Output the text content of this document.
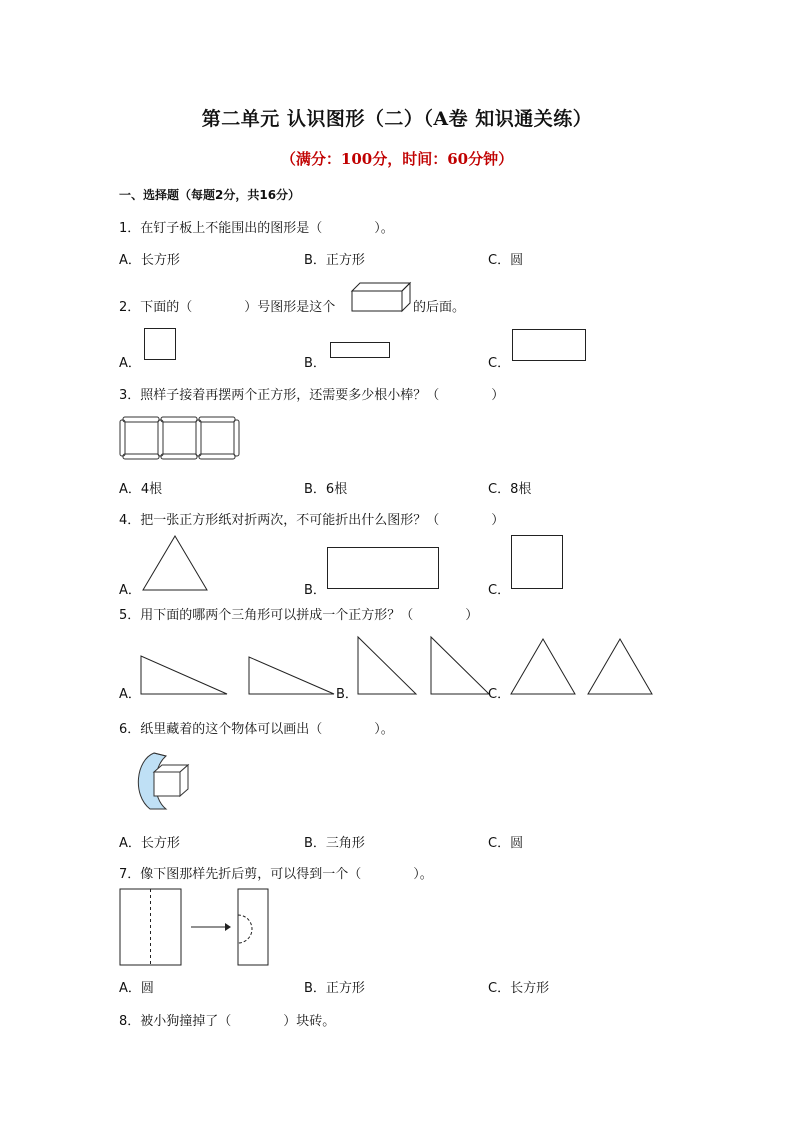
第二单元 认识图形（二）（A卷 知识通关练）
（满分：100分，时间：60分钟）
一、选择题（每题2分，共16分）
1．在钉子板上不能围出的图形是（　　　　）。
A．长方形	B．正方形	C．圆
2．下面的（　　　　）号图形是这个	的后面。
A．	B．	C．
3．照样子接着再摆两个正方形，还需要多少根小棒？（　　　　）
A．4根	B．6根	C．8根
4．把一张正方形纸对折两次，不可能折出什么图形？（　　　　）
A．	B．	C．
5．用下面的哪两个三角形可以拼成一个正方形？（　　　　）
A．	B．	C．
6．纸里藏着的这个物体可以画出（　　　　）。
A．长方形	B．三角形	C．圆
7．像下图那样先折后剪，可以得到一个（　　　　）。
A．圆	B．正方形	C．长方形
8．被小狗撞掉了（　　　　）块砖。
